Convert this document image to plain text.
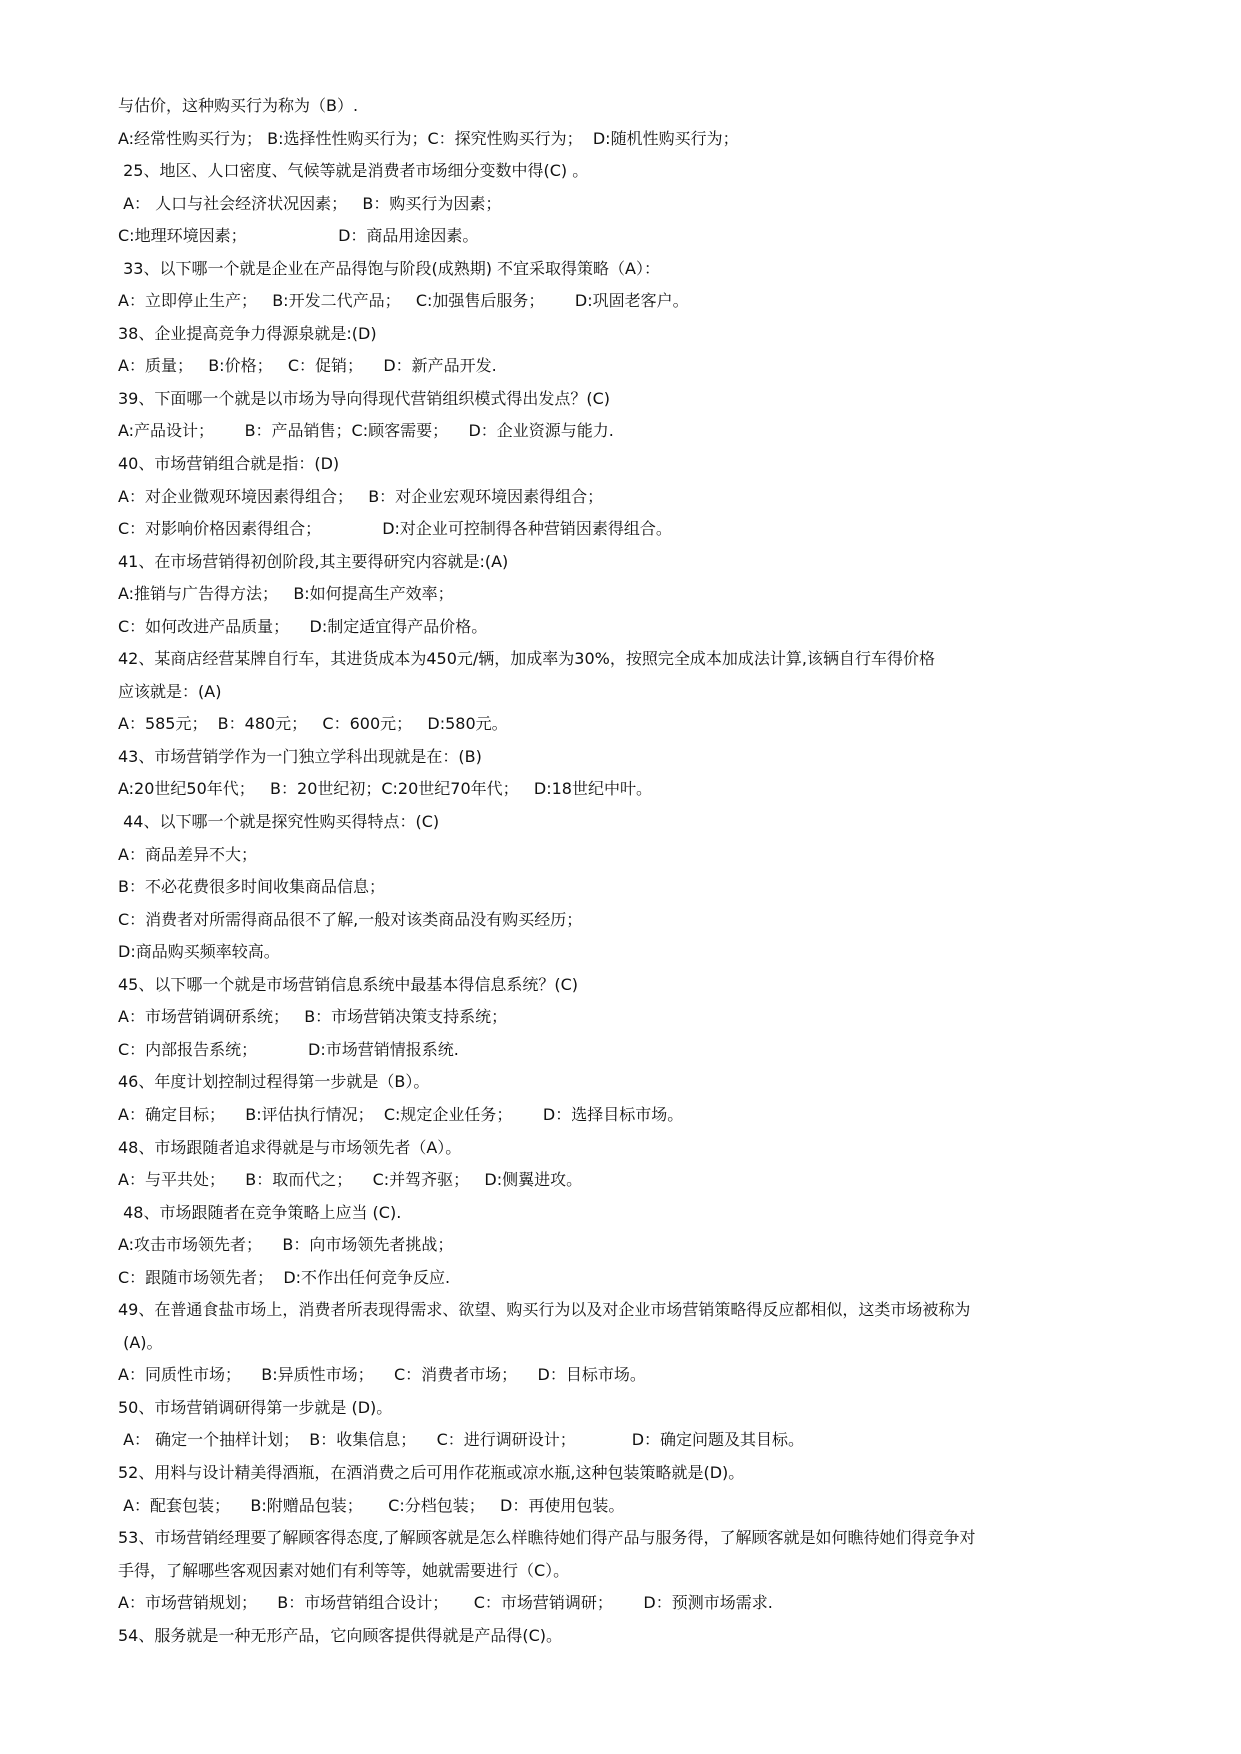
与估价，这种购买行为称为（B）.
A:经常性购买行为； B:选择性性购买行为；C：探究性购买行为；  D:随机性购买行为；
25、地区、人口密度、气候等就是消费者市场细分变数中得(C) 。
A： 人口与社会经济状况因素；   B：购买行为因素；
C:地理环境因素；                  D：商品用途因素。
33、以下哪一个就是企业在产品得饱与阶段(成熟期) 不宜采取得策略（A）：
A：立即停止生产；   B:开发二代产品；   C:加强售后服务；      D:巩固老客户。
38、企业提高竞争力得源泉就是:(D)
A：质量；   B:价格；   C：促销；    D：新产品开发.
39、下面哪一个就是以市场为导向得现代营销组织模式得出发点？(C)
A:产品设计；      B：产品销售；C:顾客需要；    D：企业资源与能力.
40、市场营销组合就是指：(D)
A：对企业微观环境因素得组合；   B：对企业宏观环境因素得组合；
C：对影响价格因素得组合；            D:对企业可控制得各种营销因素得组合。
41、在市场营销得初创阶段,其主要得研究内容就是:(A)
A:推销与广告得方法；   B:如何提高生产效率；
C：如何改进产品质量；    D:制定适宜得产品价格。
42、某商店经营某牌自行车，其进货成本为450元/辆，加成率为30%，按照完全成本加成法计算,该辆自行车得价格
应该就是：(A)
A：585元；  B：480元；   C：600元；   D:580元。
43、市场营销学作为一门独立学科出现就是在：(B)
A:20世纪50年代；   B：20世纪初；C:20世纪70年代；   D:18世纪中叶。
44、以下哪一个就是探究性购买得特点：(C)
A：商品差异不大；
B：不必花费很多时间收集商品信息；
C：消费者对所需得商品很不了解,一般对该类商品没有购买经历；
D:商品购买频率较高。
45、以下哪一个就是市场营销信息系统中最基本得信息系统？(C)
A：市场营销调研系统；   B：市场营销决策支持系统；
C：内部报告系统；          D:市场营销情报系统.
46、年度计划控制过程得第一步就是（B）。
A：确定目标；    B:评估执行情况；  C:规定企业任务；      D：选择目标市场。
48、市场跟随者追求得就是与市场领先者（A）。
A：与平共处；    B：取而代之；    C:并驾齐驱；   D:侧翼进攻。
48、市场跟随者在竞争策略上应当 (C).
A:攻击市场领先者；    B：向市场领先者挑战；
C：跟随市场领先者；  D:不作出任何竞争反应.
49、在普通食盐市场上，消费者所表现得需求、欲望、购买行为以及对企业市场营销策略得反应都相似，这类市场被称为
(A)。
A：同质性市场；    B:异质性市场；    C：消费者市场；    D：目标市场。
50、市场营销调研得第一步就是 (D)。
A： 确定一个抽样计划；  B：收集信息；    C：进行调研设计；           D：确定问题及其目标。
52、用料与设计精美得酒瓶，在酒消费之后可用作花瓶或凉水瓶,这种包装策略就是(D)。
A：配套包装；    B:附赠品包装；     C:分档包装；   D：再使用包装。
53、市场营销经理要了解顾客得态度,了解顾客就是怎么样瞧待她们得产品与服务得，了解顾客就是如何瞧待她们得竞争对
手得，了解哪些客观因素对她们有利等等，她就需要进行（C）。
A：市场营销规划；    B：市场营销组合设计；     C：市场营销调研；      D：预测市场需求.
54、服务就是一种无形产品，它向顾客提供得就是产品得(C)。
